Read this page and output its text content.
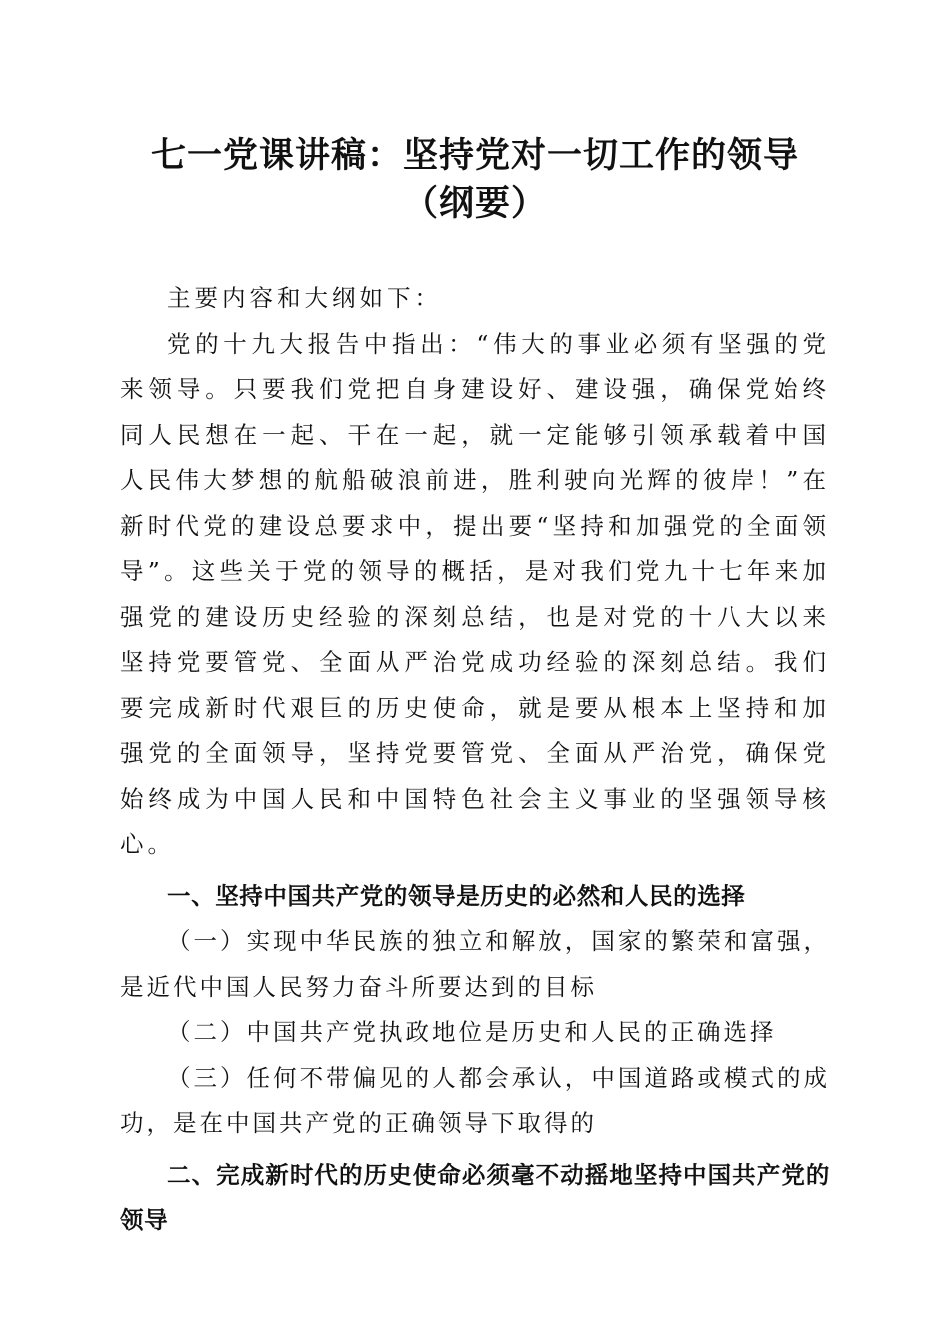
七一党课讲稿：坚持党对一切工作的领导（纲要）

主要内容和大纲如下：

党的十九大报告中指出：“伟大的事业必须有坚强的党来领导。只要我们党把自身建设好、建设强，确保党始终同人民想在一起、干在一起，就一定能够引领承载着中国人民伟大梦想的航船破浪前进，胜利驶向光辉的彼岸！”在新时代党的建设总要求中，提出要“坚持和加强党的全面领导”。这些关于党的领导的概括，是对我们党九十七年来加强党的建设历史经验的深刻总结，也是对党的十八大以来坚持党要管党、全面从严治党成功经验的深刻总结。我们要完成新时代艰巨的历史使命，就是要从根本上坚持和加强党的全面领导，坚持党要管党、全面从严治党，确保党始终成为中国人民和中国特色社会主义事业的坚强领导核心。

一、坚持中国共产党的领导是历史的必然和人民的选择

（一）实现中华民族的独立和解放，国家的繁荣和富强，是近代中国人民努力奋斗所要达到的目标

（二）中国共产党执政地位是历史和人民的正确选择

（三）任何不带偏见的人都会承认，中国道路或模式的成功，是在中国共产党的正确领导下取得的

二、完成新时代的历史使命必须毫不动摇地坚持中国共产党的领导
